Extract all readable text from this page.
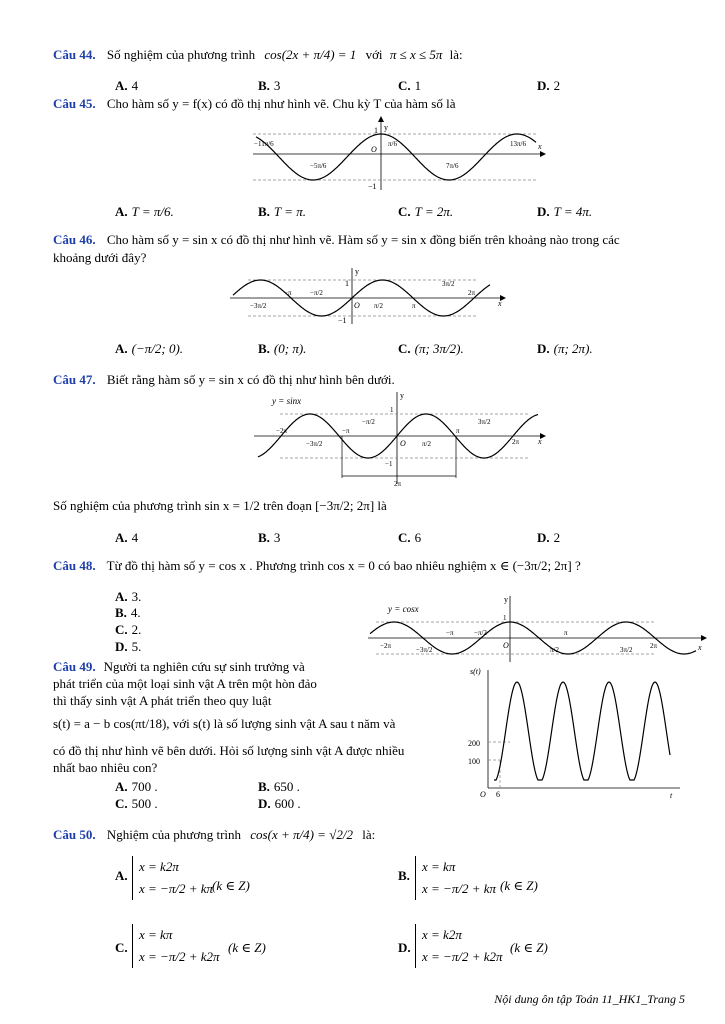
Câu 44. Số nghiệm của phương trình cos(2x + π/4) = 1 với π ≤ x ≤ 5π là:
A. 4	B. 3	C. 1	D. 2
Câu 45. Cho hàm số y = f(x) có đồ thị như hình vẽ. Chu kỳ T của hàm số là
y
x
O
1
−1
−11π/6
−5π/6
π/6
7π/6
13π/6
A. T = π/6.	B. T = π.	C. T = 2π.	D. T = 4π.
Câu 46. Cho hàm số y = sin x có đồ thị như hình vẽ. Hàm số y = sin x đồng biến trên khoảng nào trong các
khoảng dưới đây?
y
x
O
1
−1
−3π/2
−π	−π/2
π/2	π
3π/2
2π
A. (−π/2; 0).	B. (0; π).	C. (π; 3π/2).	D. (π; 2π).
Câu 47. Biết rằng hàm số y = sin x có đồ thị như hình bên dưới.
y = sinx
y
x
O
1
−1
−2π
−3π/2
−π
−π/2
π/2
π
3π/2
2π
2π
Số nghiệm của phương trình sin x = 1/2 trên đoạn [−3π/2; 2π] là
A. 4	B. 3	C. 6	D. 2
Câu 48. Từ đồ thị hàm số y = cos x . Phương trình cos x = 0 có bao nhiêu nghiệm x ∈ (−3π/2; 2π] ?
A. 3.
B. 4.
C. 2.
D. 5.
y = cosx
y
x
O
1
−2π	−3π/2
−π	−π/2
π/2
π
3π/2	2π
Câu 49. Người ta nghiên cứu sự sinh trưởng và
phát triển của một loại sinh vật A trên một hòn đảo
thì thấy sinh vật A phát triển theo quy luật
s(t) = a − b cos(πt/18), với s(t) là số lượng sinh vật A sau t năm và
có đồ thị như hình vẽ bên dưới. Hỏi số lượng sinh vật A được nhiều
nhất bao nhiêu con?
A. 700 .	B. 650 .
C. 500 .	D. 600 .
s(t)
t
O 6
200
100
Câu 50. Nghiệm của phương trình cos(x + π/4) = √2/2 là:
A.
x = k2π
x = −π/2 + kπ (k ∈ Z)
B.
x = kπ
x = −π/2 + kπ (k ∈ Z)
C.
x = kπ
x = −π/2 + k2π
(k ∈ Z)	D.
x = k2π
x = −π/2 + k2π
(k ∈ Z)
Nội dung ôn tập Toán 11_HK1_Trang 5
